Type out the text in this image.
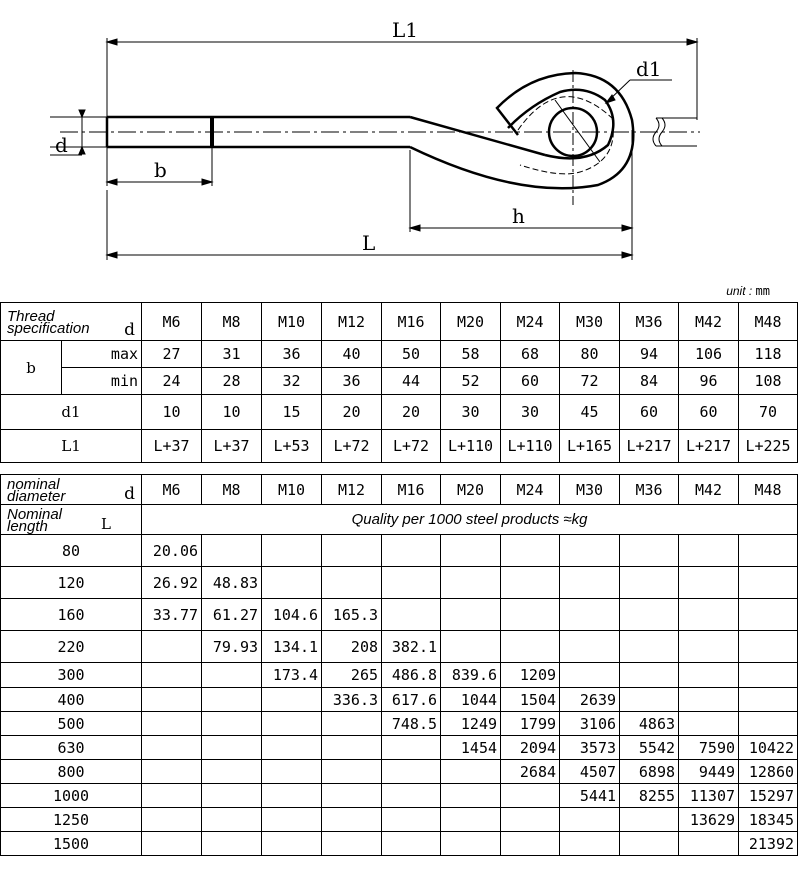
L1
d1
d
b
h
L
unit : mm
Thread
specification d		M6	M8	M10	M12	M16	M20	M24	M30	M36	M42	M48
b	max	27	31	36	40	50	58	68	80	94	106	118
	min	24	28	32	36	44	52	60	72	84	96	108
d1		10	10	15	20	20	30	30	45	60	60	70
L1		L+37	L+37	L+53	L+72	L+72	L+110	L+110	L+165	L+217	L+217	L+225
nominal
diameter d	M6	M8	M10	M12	M16	M20	M24	M30	M36	M42	M48

Nominal
length L	Quality per 1000 steel products ≈kg										
80	20.06										
120	26.92	48.83									
160	33.77	61.27	104.6	165.3							
220		79.93	134.1	208	382.1						
300			173.4	265	486.8	839.6	1209				
400				336.3	617.6	1044	1504	2639			
500					748.5	1249	1799	3106	4863		
630						1454	2094	3573	5542	7590	10422
800							2684	4507	6898	9449	12860
1000								5441	8255	11307	15297
1250										13629	18345
1500											21392
